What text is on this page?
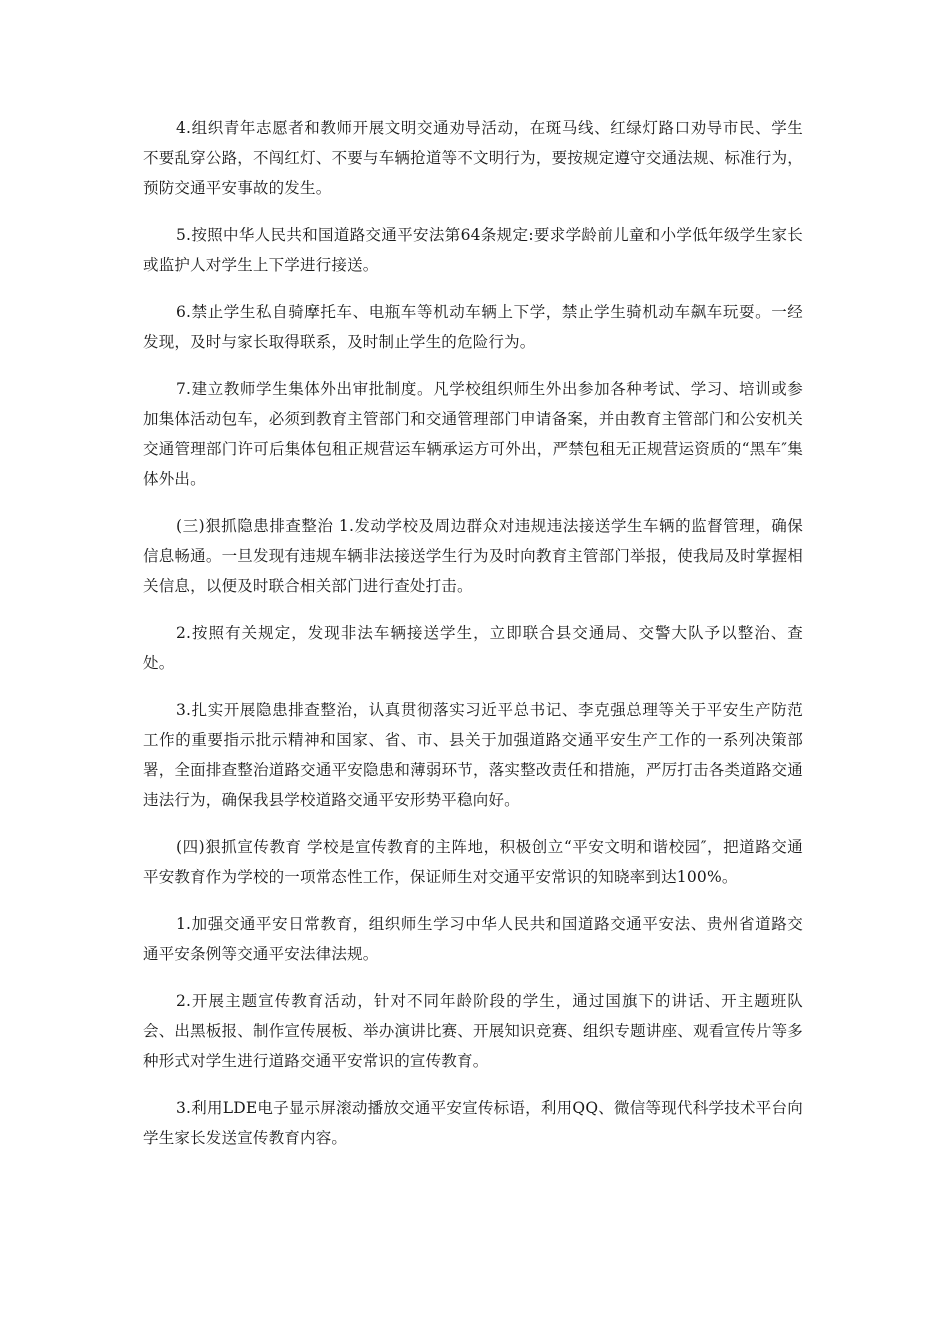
4.组织青年志愿者和教师开展文明交通劝导活动，在斑马线、红绿灯路口劝导市民、学生不要乱穿公路，不闯红灯、不要与车辆抢道等不文明行为，要按规定遵守交通法规、标准行为，预防交通平安事故的发生。

5.按照中华人民共和国道路交通平安法第64条规定:要求学龄前儿童和小学低年级学生家长或监护人对学生上下学进行接送。

6.禁止学生私自骑摩托车、电瓶车等机动车辆上下学，禁止学生骑机动车飙车玩耍。一经发现，及时与家长取得联系，及时制止学生的危险行为。

7.建立教师学生集体外出审批制度。凡学校组织师生外出参加各种考试、学习、培训或参加集体活动包车，必须到教育主管部门和交通管理部门申请备案，并由教育主管部门和公安机关交通管理部门许可后集体包租正规营运车辆承运方可外出，严禁包租无正规营运资质的“黑车″集体外出。

(三)狠抓隐患排查整治 1.发动学校及周边群众对违规违法接送学生车辆的监督管理，确保信息畅通。一旦发现有违规车辆非法接送学生行为及时向教育主管部门举报，使我局及时掌握相关信息，以便及时联合相关部门进行查处打击。

2.按照有关规定，发现非法车辆接送学生，立即联合县交通局、交警大队予以整治、查处。

3.扎实开展隐患排查整治，认真贯彻落实习近平总书记、李克强总理等关于平安生产防范工作的重要指示批示精神和国家、省、市、县关于加强道路交通平安生产工作的一系列决策部署，全面排查整治道路交通平安隐患和薄弱环节，落实整改责任和措施，严厉打击各类道路交通违法行为，确保我县学校道路交通平安形势平稳向好。

(四)狠抓宣传教育 学校是宣传教育的主阵地，积极创立“平安文明和谐校园″，把道路交通平安教育作为学校的一项常态性工作，保证师生对交通平安常识的知晓率到达100%。

1.加强交通平安日常教育，组织师生学习中华人民共和国道路交通平安法、贵州省道路交通平安条例等交通平安法律法规。

2.开展主题宣传教育活动，针对不同年龄阶段的学生，通过国旗下的讲话、开主题班队会、出黑板报、制作宣传展板、举办演讲比赛、开展知识竞赛、组织专题讲座、观看宣传片等多种形式对学生进行道路交通平安常识的宣传教育。

3.利用LDE电子显示屏滚动播放交通平安宣传标语，利用QQ、微信等现代科学技术平台向学生家长发送宣传教育内容。
